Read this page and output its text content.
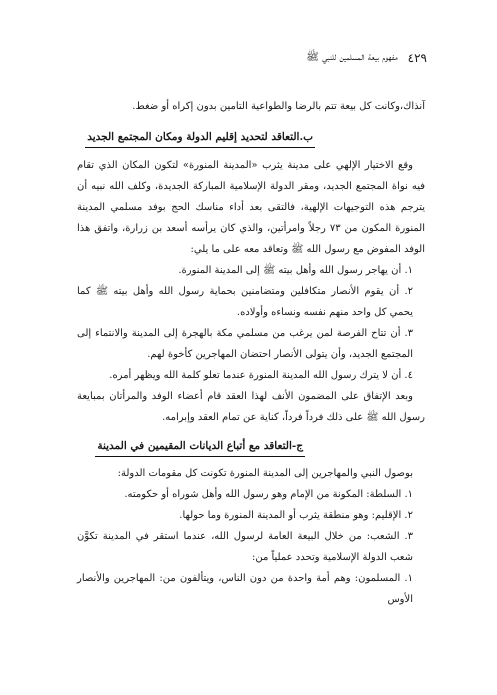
٤٢٩
مفهوم بيعة المسلمين للنبي ﷺ

آنذاك،وكانت كل بيعة تتم بالرضا والطواعية التامين بدون إكراه أو ضغط.

ب.التعاقد لتحديد إقليم الدولة ومكان المجتمع الجديد

وقع الاختيار الإلهي على مدينة يثرب «المدينة المنورة» لتكون المكان الذي تقام فيه نواة المجتمع الجديد، ومقر الدولة الإسلامية المباركة الجديدة، وكلف الله نبيه أن يترجم هذه التوجيهات الإلهية، فالتقى بعد أداء مناسك الحج بوفد مسلمي المدينة المنورة المكون من ٧٣ رجلاً وامرأتين، والذي كان يرأسه أسعد بن زرارة، واتفق هذا الوفد المفوض مع رسول الله ﷺ وتعاقد معه على ما يلي:

١. أن يهاجر رسول الله وأهل بيته ﷺ إلى المدينة المنورة.

٢. أن يقوم الأنصار متكافلين ومتضامنين بحماية رسول الله وأهل بيته ﷺ كما يحمي كل واحد منهم نفسه ونساءه وأولاده.

٣. أن تتاح الفرصة لمن يرغب من مسلمي مكة بالهجرة إلى المدينة والانتماء إلى المجتمع الجديد، وأن يتولى الأنصار احتضان المهاجرين كأخوة لهم.

٤. أن لا يترك رسول الله المدينة المنورة عندما تعلو كلمة الله ويظهر أمره.

وبعد الإتفاق على المضمون الأنف لهذا العقد قام أعضاء الوفد والمرأتان بمبايعة رسول الله ﷺ على ذلك فرداً فرداً، كناية عن تمام العقد وإبرامه.

ج-التعاقد مع أتباع الديانات المقيمين في المدينة

بوصول النبي والمهاجرين إلى المدينة المنورة تكونت كل مقومات الدولة:

١. السلطة: المكونة من الإمام وهو رسول الله وأهل شوراه أو حكومته.

٢. الإقليم: وهو منطقة يثرب أو المدينة المنورة وما حولها.

٣. الشعب: من خلال البيعة العامة لرسول الله، عندما استقر في المدينة تكوَّن شعب الدولة الإسلامية وتحدد عملياً من:

١. المسلمون: وهم أمة واحدة من دون الناس، ويتألفون من: المهاجرين والأنصار الأوس
